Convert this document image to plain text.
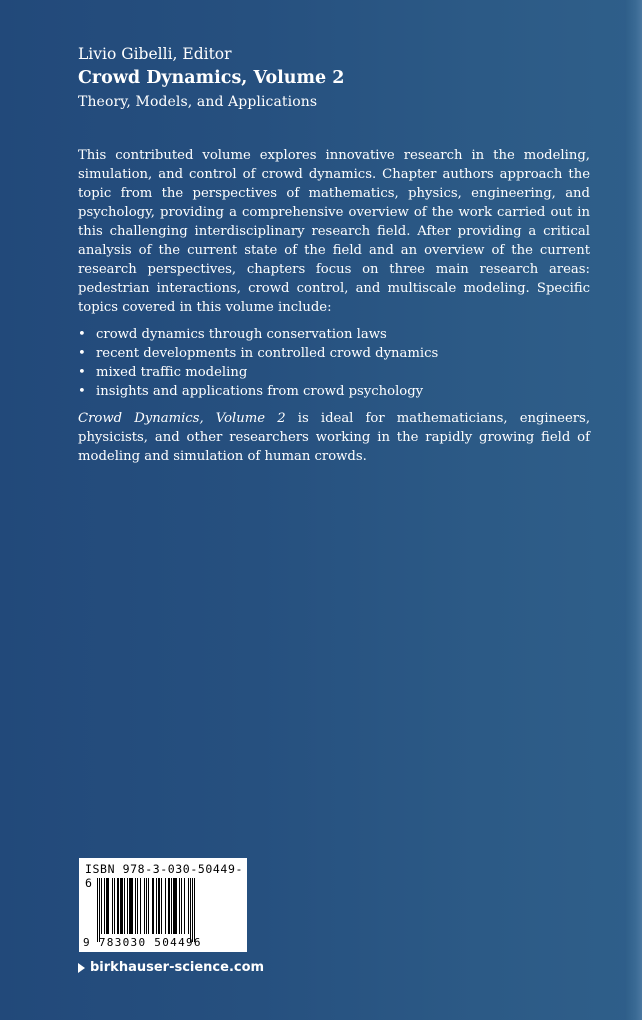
Livio Gibelli, Editor

Crowd Dynamics, Volume 2

Theory, Models, and Applications

This contributed volume explores innovative research in the modeling, simulation, and control of crowd dynamics. Chapter authors approach the topic from the perspectives of mathematics, physics, engineering, and psychology, providing a comprehensive overview of the work carried out in this challenging interdisciplinary research field. After providing a critical analysis of the current state of the field and an overview of the current research perspectives, chapters focus on three main research areas: pedestrian interactions, crowd control, and multiscale modeling. Specific topics covered in this volume include:

• crowd dynamics through conservation laws
• recent developments in controlled crowd dynamics
• mixed traffic modeling
• insights and applications from crowd psychology

Crowd Dynamics, Volume 2 is ideal for mathematicians, engineers, physicists, and other researchers working in the rapidly growing field of modeling and simulation of human crowds.

ISBN 978-3-030-50449-6
9 783030 504496
birkhauser-science.com
